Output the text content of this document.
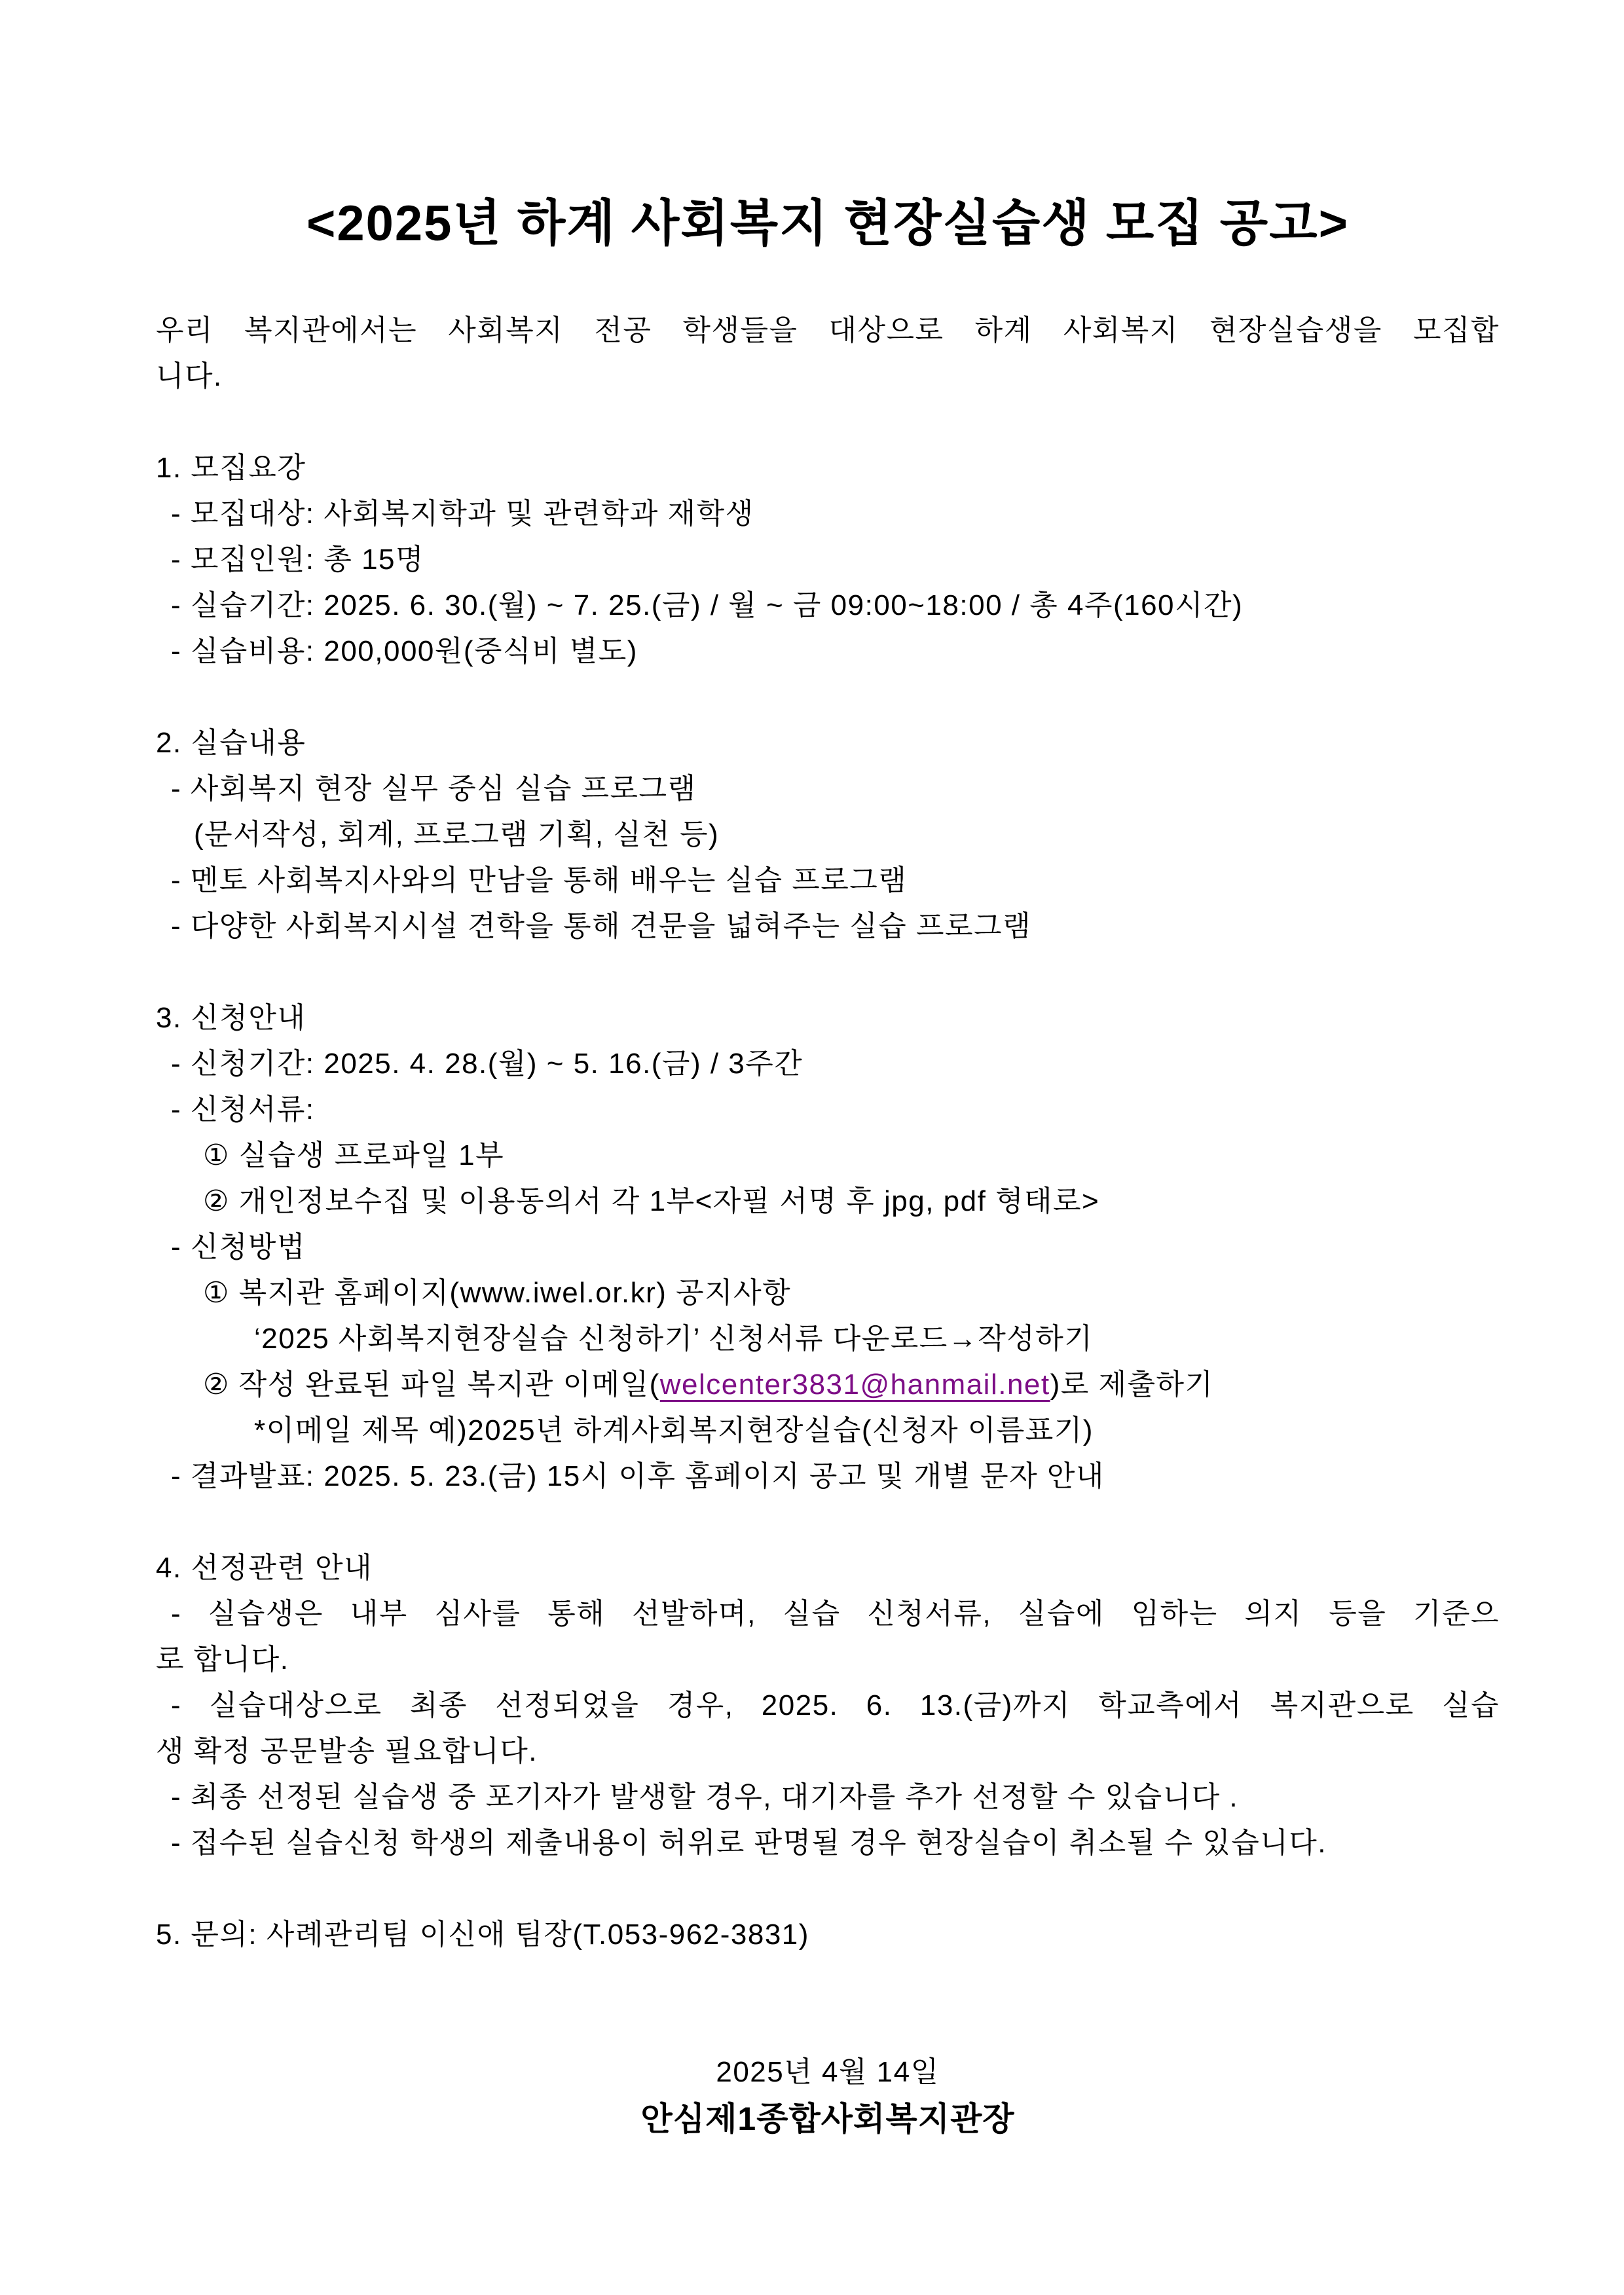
<2025년 하계 사회복지 현장실습생 모집 공고>
우리 복지관에서는 사회복지 전공 학생들을 대상으로 하계 사회복지 현장실습생을 모집합
니다.
1. 모집요강
- 모집대상: 사회복지학과 및 관련학과 재학생
- 모집인원: 총 15명
- 실습기간: 2025. 6. 30.(월) ~ 7. 25.(금) / 월 ~ 금 09:00~18:00 / 총 4주(160시간)
- 실습비용: 200,000원(중식비 별도)
2. 실습내용
- 사회복지 현장 실무 중심 실습 프로그램
(문서작성, 회계, 프로그램 기획, 실천 등)
- 멘토 사회복지사와의 만남을 통해 배우는 실습 프로그램
- 다양한 사회복지시설 견학을 통해 견문을 넓혀주는 실습 프로그램
3. 신청안내
- 신청기간: 2025. 4. 28.(월) ~ 5. 16.(금) / 3주간
- 신청서류:
① 실습생 프로파일 1부
② 개인정보수집 및 이용동의서 각 1부<자필 서명 후 jpg, pdf 형태로>
- 신청방법
① 복지관 홈페이지(www.iwel.or.kr) 공지사항
‘2025 사회복지현장실습 신청하기’ 신청서류 다운로드→작성하기
② 작성 완료된 파일 복지관 이메일(welcenter3831@hanmail.net)로 제출하기
*이메일 제목 예)2025년 하계사회복지현장실습(신청자 이름표기)
- 결과발표: 2025. 5. 23.(금) 15시 이후 홈페이지 공고 및 개별 문자 안내
4. 선정관련 안내
- 실습생은 내부 심사를 통해 선발하며, 실습 신청서류, 실습에 임하는 의지 등을 기준으
로 합니다.
- 실습대상으로 최종 선정되었을 경우, 2025. 6. 13.(금)까지 학교측에서 복지관으로 실습
생 확정 공문발송 필요합니다.
- 최종 선정된 실습생 중 포기자가 발생할 경우, 대기자를 추가 선정할 수 있습니다 .
- 접수된 실습신청 학생의 제출내용이 허위로 판명될 경우 현장실습이 취소될 수 있습니다.
5. 문의: 사례관리팀 이신애 팀장(T.053-962-3831)
2025년 4월 14일
안심제1종합사회복지관장
